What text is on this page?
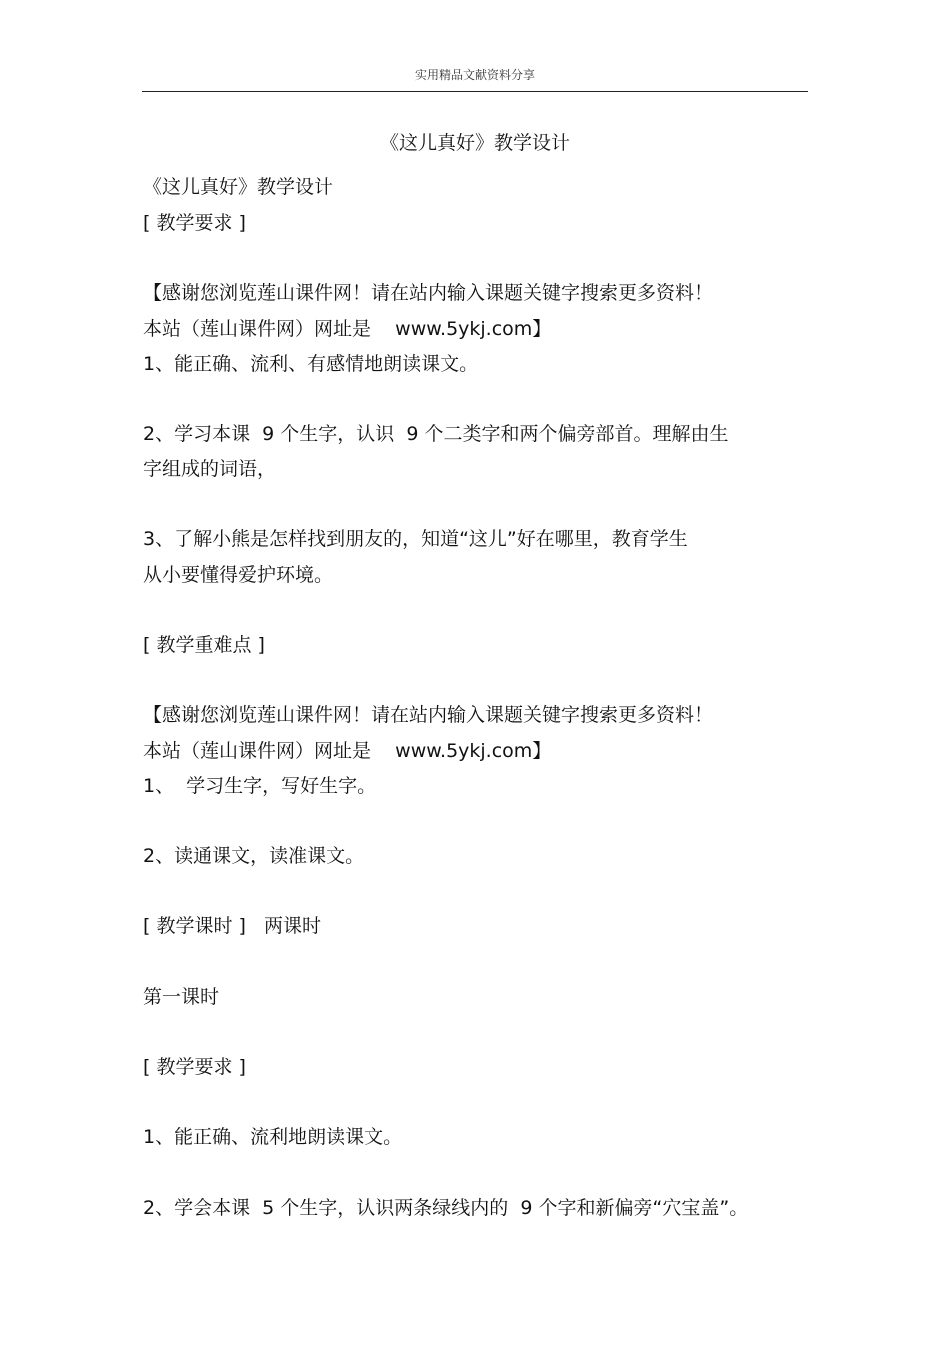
实用精品文献资料分享
《这儿真好》教学设计
《这儿真好》教学设计
[ 教学要求 ]
【感谢您浏览莲山课件网！请在站内输入课题关键字搜索更多资料！
本站（莲山课件网）网址是    www.5ykj.com】
1、能正确、流利、有感情地朗读课文。
2、学习本课  9 个生字，认识  9 个二类字和两个偏旁部首。理解由生
字组成的词语，
3、了解小熊是怎样找到朋友的，知道“这儿”好在哪里，教育学生
从小要懂得爱护环境。
[ 教学重难点 ]
【感谢您浏览莲山课件网！请在站内输入课题关键字搜索更多资料！
本站（莲山课件网）网址是    www.5ykj.com】
1、  学习生字，写好生字。
2、读通课文，读准课文。
[ 教学课时 ]   两课时
第一课时
[ 教学要求 ]
1、能正确、流利地朗读课文。
2、学会本课  5 个生字，认识两条绿线内的  9 个字和新偏旁“穴宝盖”。
